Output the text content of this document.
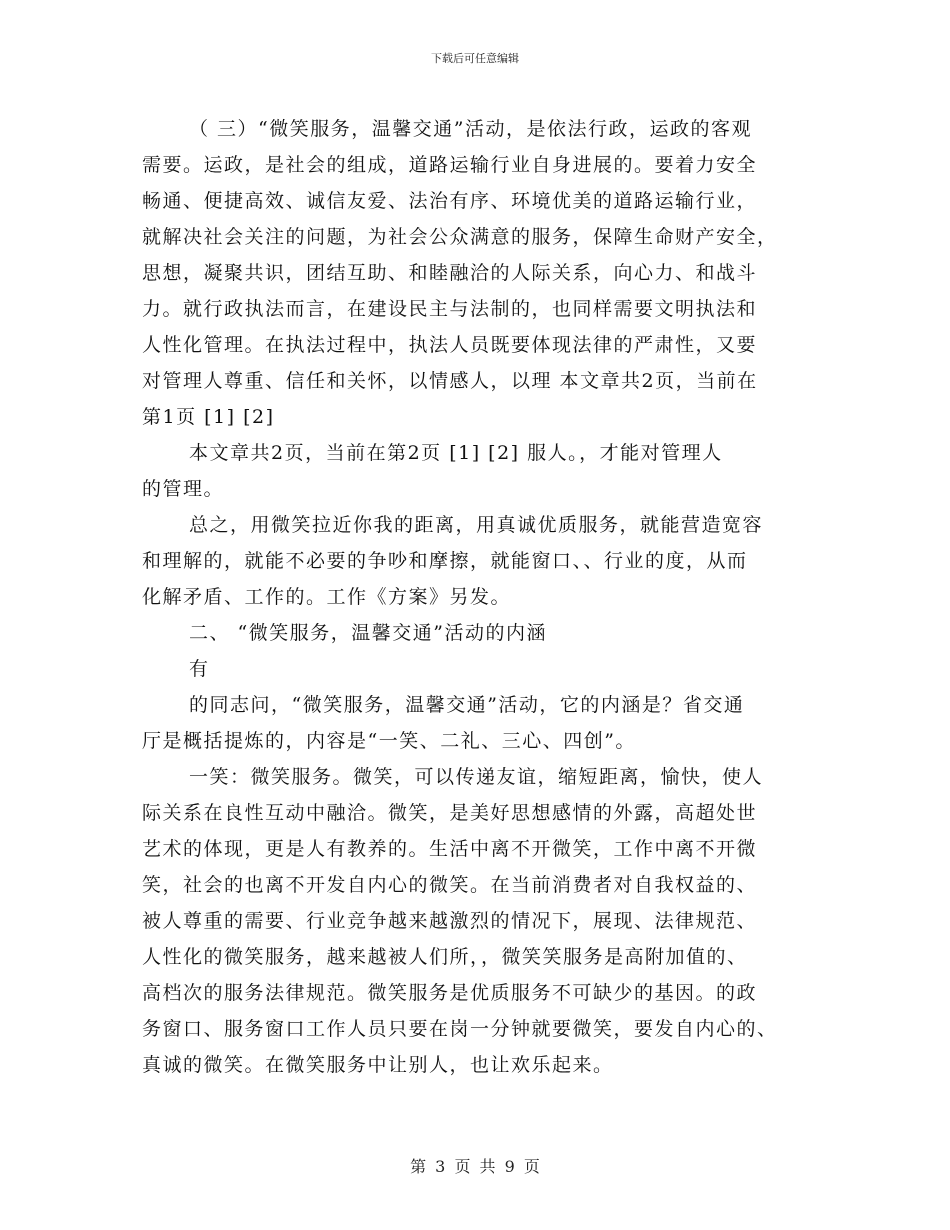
下载后可任意编辑
（ 三）“微笑服务，温馨交通”活动，是依法行政，运政的客观
需要。运政，是社会的组成，道路运输行业自身进展的。要着力安全
畅通、便捷高效、诚信友爱、法治有序、环境优美的道路运输行业，
就解决社会关注的问题，为社会公众满意的服务，保障生命财产安全，
思想，凝聚共识，团结互助、和睦融洽的人际关系，向心力、和战斗
力。就行政执法而言，在建设民主与法制的，也同样需要文明执法和
人性化管理。在执法过程中，执法人员既要体现法律的严肃性，又要
对管理人尊重、信任和关怀，以情感人，以理 本文章共2页，当前在
第1页 [1] [2]
本文章共2页，当前在第2页 [1] [2] 服人。，才能对管理人
的管理。
总之，用微笑拉近你我的距离，用真诚优质服务，就能营造宽容
和理解的，就能不必要的争吵和摩擦，就能窗口、、行业的度，从而
化解矛盾、工作的。工作《方案》另发。
二、 “微笑服务，温馨交通”活动的内涵
有
的同志问，“微笑服务，温馨交通”活动，它的内涵是？省交通
厅是概括提炼的，内容是“一笑、二礼、三心、四创”。
一笑：微笑服务。微笑，可以传递友谊，缩短距离，愉快，使人
际关系在良性互动中融洽。微笑，是美好思想感情的外露，高超处世
艺术的体现，更是人有教养的。生活中离不开微笑，工作中离不开微
笑，社会的也离不开发自内心的微笑。在当前消费者对自我权益的、
被人尊重的需要、行业竞争越来越激烈的情况下，展现、法律规范、
人性化的微笑服务，越来越被人们所，，微笑笑服务是高附加值的、
高档次的服务法律规范。微笑服务是优质服务不可缺少的基因。的政
务窗口、服务窗口工作人员只要在岗一分钟就要微笑，要发自内心的、
真诚的微笑。在微笑服务中让别人，也让欢乐起来。
第 3 页 共 9 页
